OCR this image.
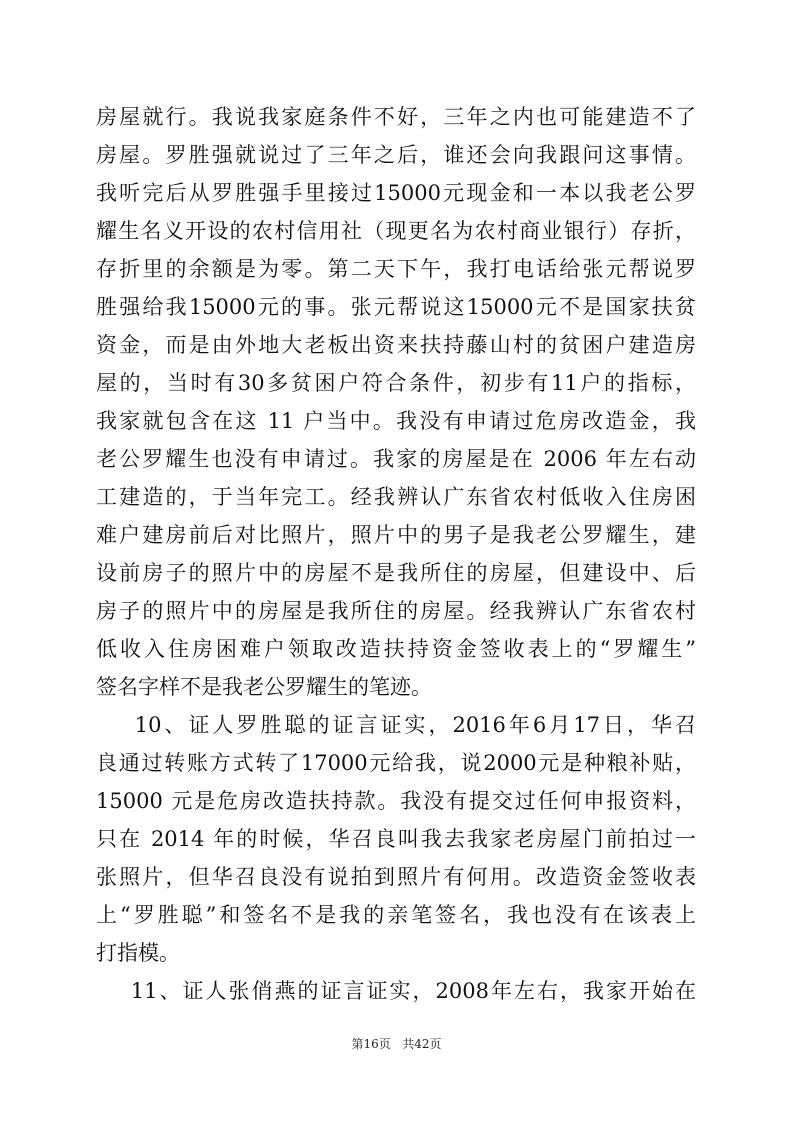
房屋就行。我说我家庭条件不好，三年之内也可能建造不了
房屋。罗胜强就说过了三年之后，谁还会向我跟问这事情。
我听完后从罗胜强手里接过15000元现金和一本以我老公罗
耀生名义开设的农村信用社（现更名为农村商业银行）存折，
存折里的余额是为零。第二天下午，我打电话给张元帮说罗
胜强给我15000元的事。张元帮说这15000元不是国家扶贫
资金，而是由外地大老板出资来扶持藤山村的贫困户建造房
屋的，当时有30多贫困户符合条件，初步有11户的指标，
我家就包含在这 11 户当中。我没有申请过危房改造金，我
老公罗耀生也没有申请过。我家的房屋是在 2006 年左右动
工建造的，于当年完工。经我辨认广东省农村低收入住房困
难户建房前后对比照片，照片中的男子是我老公罗耀生，建
设前房子的照片中的房屋不是我所住的房屋，但建设中、后
房子的照片中的房屋是我所住的房屋。经我辨认广东省农村
低收入住房困难户领取改造扶持资金签收表上的“罗耀生”
签名字样不是我老公罗耀生的笔迹。
10、证人罗胜聪的证言证实，2016年6月17日，华召
良通过转账方式转了17000元给我，说2000元是种粮补贴，
15000 元是危房改造扶持款。我没有提交过任何申报资料，
只在 2014 年的时候，华召良叫我去我家老房屋门前拍过一
张照片，但华召良没有说拍到照片有何用。改造资金签收表
上“罗胜聪”和签名不是我的亲笔签名，我也没有在该表上
打指模。
11、证人张俏燕的证言证实，2008年左右，我家开始在
第16页   共42页
